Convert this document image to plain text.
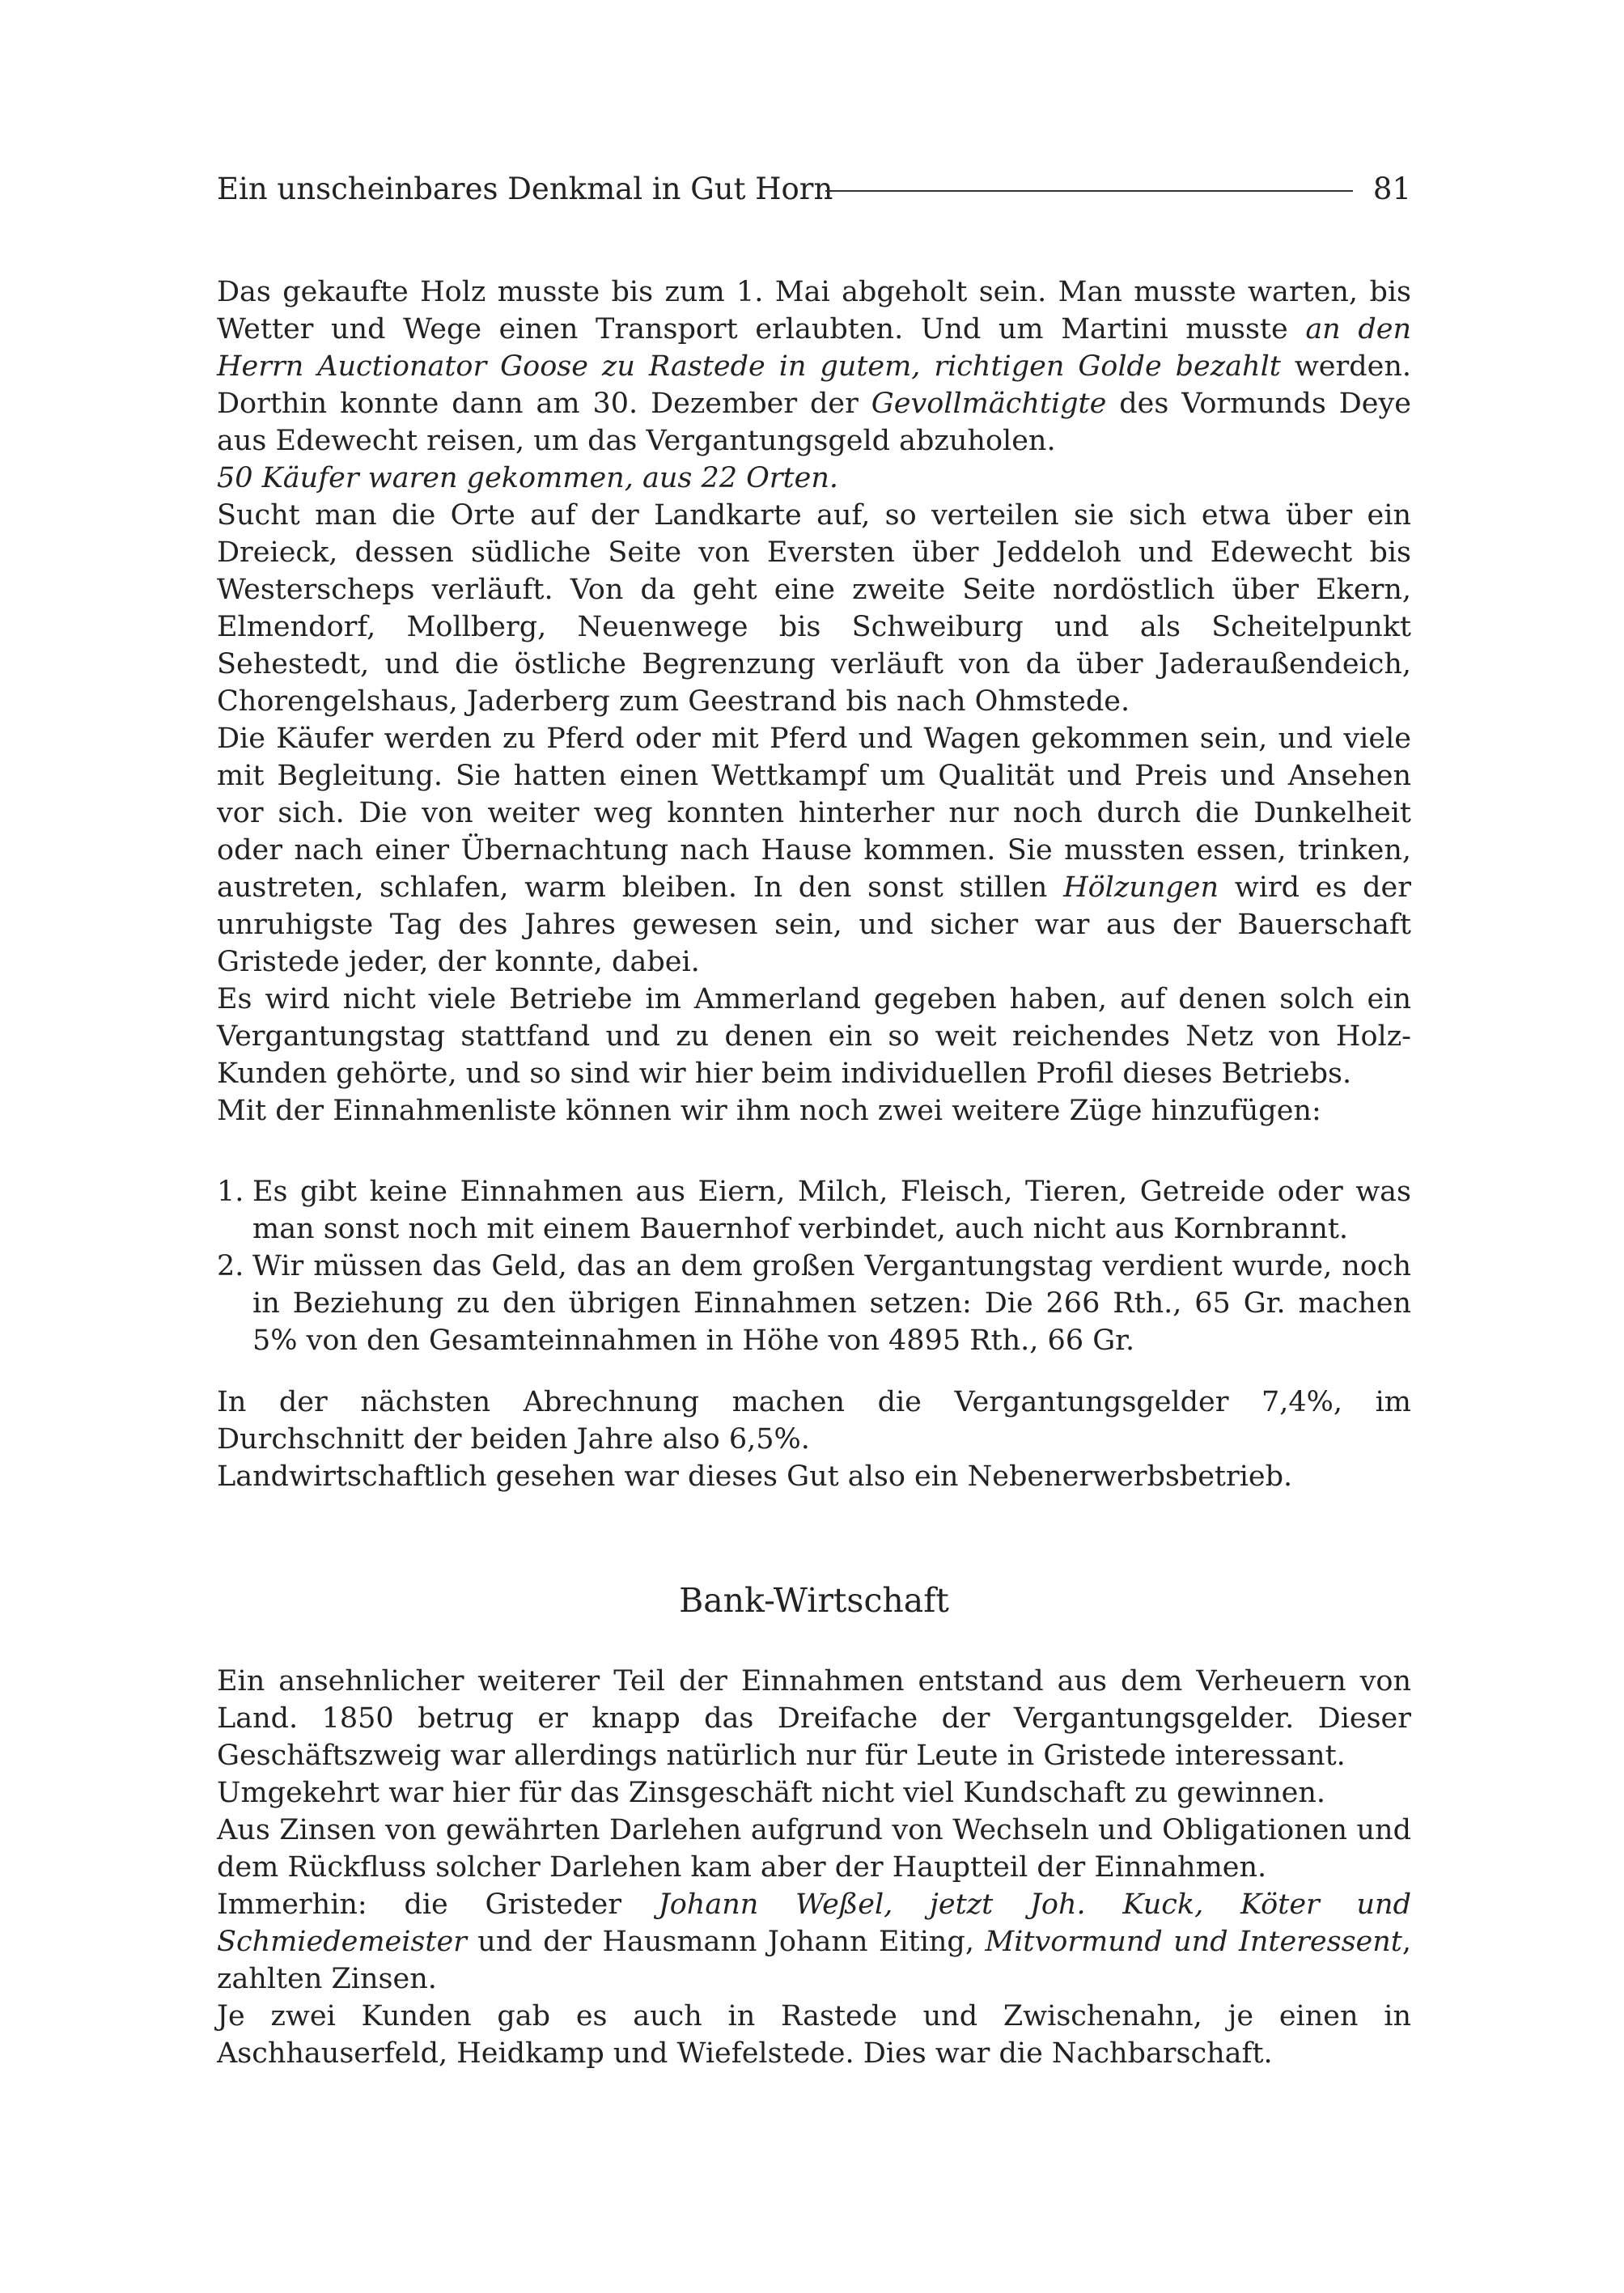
Ein unscheinbares Denkmal in Gut Horn	81

Das gekaufte Holz musste bis zum 1. Mai abgeholt sein. Man musste warten, bis Wetter und Wege einen Transport erlaubten. Und um Martini musste an den Herrn Auctionator Goose zu Rastede in gutem, richtigen Golde bezahlt werden. Dorthin konnte dann am 30. Dezember der Gevollmächtigte des Vormunds Deye aus Edewecht reisen, um das Vergantungsgeld abzuholen.

50 Käufer waren gekommen, aus 22 Orten.

Sucht man die Orte auf der Landkarte auf, so verteilen sie sich etwa über ein Dreieck, dessen südliche Seite von Eversten über Jeddeloh und Edewecht bis Westerscheps verläuft. Von da geht eine zweite Seite nordöstlich über Ekern, Elmendorf, Mollberg, Neuenwege bis Schweiburg und als Scheitelpunkt Sehestedt, und die östliche Begrenzung verläuft von da über Jaderaußendeich, Chorengelshaus, Jaderberg zum Geestrand bis nach Ohmstede.

Die Käufer werden zu Pferd oder mit Pferd und Wagen gekommen sein, und viele mit Begleitung. Sie hatten einen Wettkampf um Qualität und Preis und Ansehen vor sich. Die von weiter weg konnten hinterher nur noch durch die Dunkelheit oder nach einer Übernachtung nach Hause kommen. Sie mussten essen, trinken, austreten, schlafen, warm bleiben. In den sonst stillen Hölzungen wird es der unruhigste Tag des Jahres gewesen sein, und sicher war aus der Bauerschaft Gristede jeder, der konnte, dabei.

Es wird nicht viele Betriebe im Ammerland gegeben haben, auf denen solch ein Vergantungstag stattfand und zu denen ein so weit reichendes Netz von Holz-Kunden gehörte, und so sind wir hier beim individuellen Profil dieses Betriebs.

Mit der Einnahmenliste können wir ihm noch zwei weitere Züge hinzufügen:

1. Es gibt keine Einnahmen aus Eiern, Milch, Fleisch, Tieren, Getreide oder was man sonst noch mit einem Bauernhof verbindet, auch nicht aus Kornbrannt.
2. Wir müssen das Geld, das an dem großen Vergantungstag verdient wurde, noch in Beziehung zu den übrigen Einnahmen setzen: Die 266 Rth., 65 Gr. machen 5% von den Gesamteinnahmen in Höhe von 4895 Rth., 66 Gr.

In der nächsten Abrechnung machen die Vergantungsgelder 7,4%, im Durchschnitt der beiden Jahre also 6,5%.

Landwirtschaftlich gesehen war dieses Gut also ein Nebenerwerbsbetrieb.

Bank-Wirtschaft

Ein ansehnlicher weiterer Teil der Einnahmen entstand aus dem Verheuern von Land. 1850 betrug er knapp das Dreifache der Vergantungsgelder. Dieser Geschäftszweig war allerdings natürlich nur für Leute in Gristede interessant.

Umgekehrt war hier für das Zinsgeschäft nicht viel Kundschaft zu gewinnen.

Aus Zinsen von gewährten Darlehen aufgrund von Wechseln und Obligationen und dem Rückfluss solcher Darlehen kam aber der Hauptteil der Einnahmen.

Immerhin: die Gristeder Johann Weßel, jetzt Joh. Kuck, Köter und Schmiedemeister und der Hausmann Johann Eiting, Mitvormund und Interessent, zahlten Zinsen.

Je zwei Kunden gab es auch in Rastede und Zwischenahn, je einen in Aschhauserfeld, Heidkamp und Wiefelstede. Dies war die Nachbarschaft.
